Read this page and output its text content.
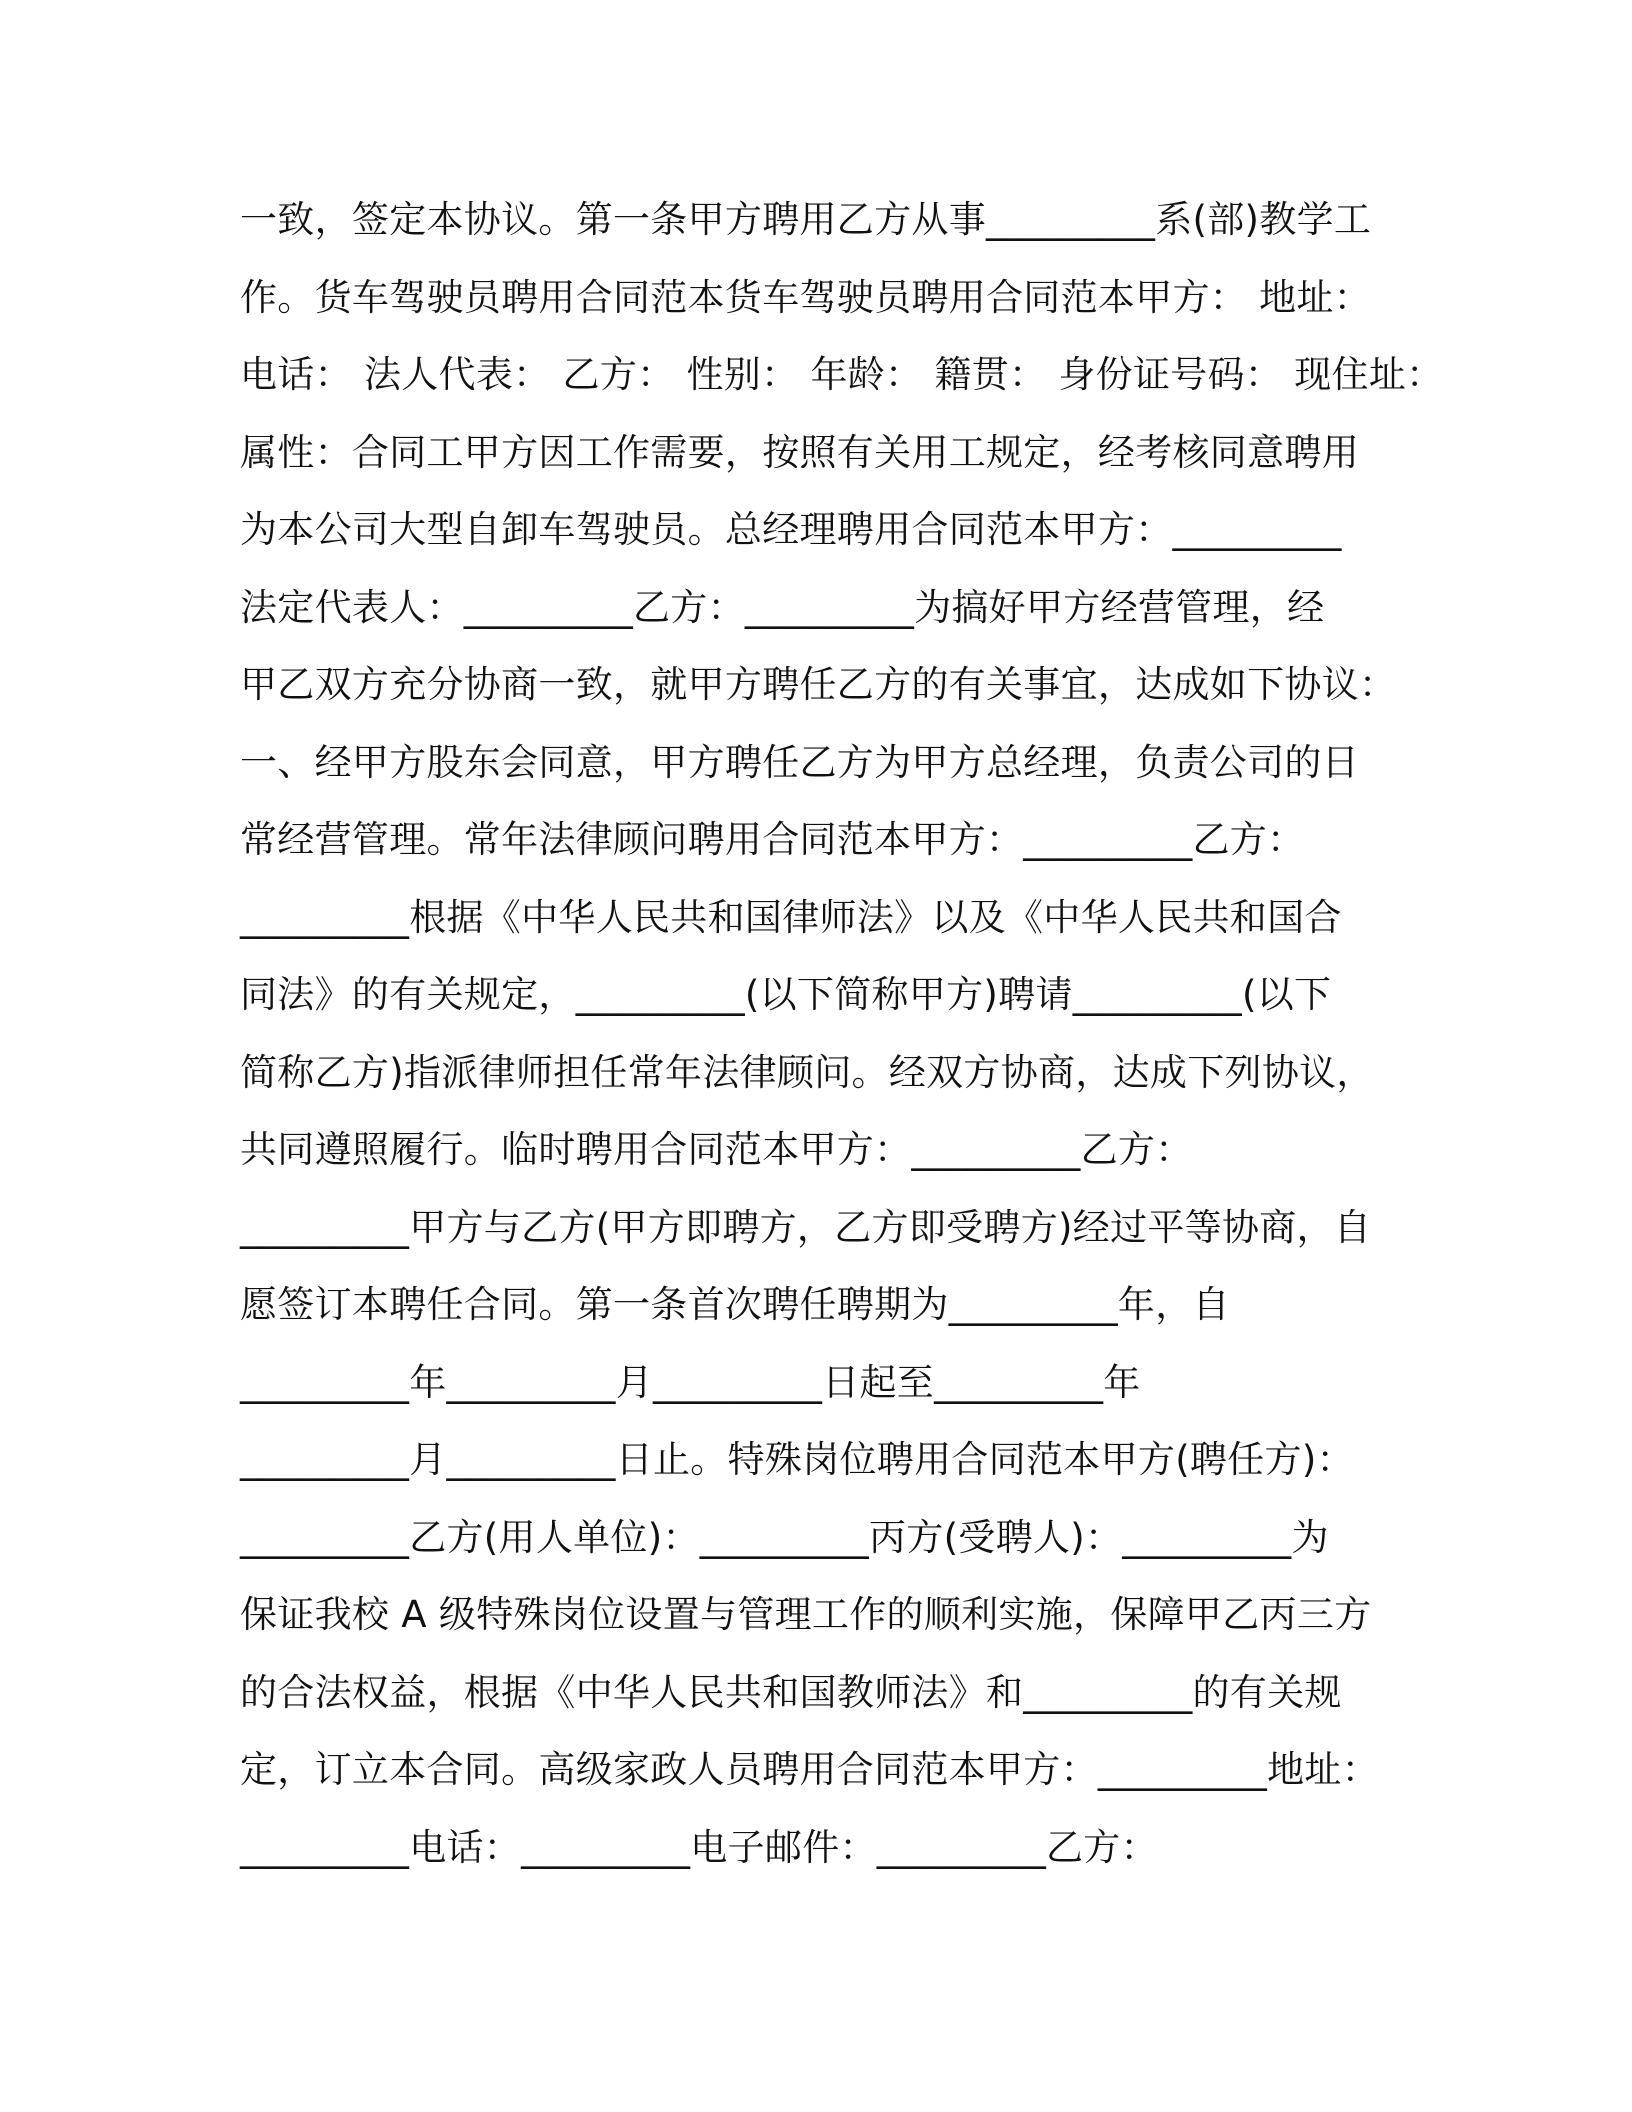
一致，签定本协议。第一条甲方聘用乙方从事_________系(部)教学工
作。货车驾驶员聘用合同范本货车驾驶员聘用合同范本甲方： 地址：
电话： 法人代表： 乙方： 性别： 年龄： 籍贯： 身份证号码： 现住址：
属性：合同工甲方因工作需要，按照有关用工规定，经考核同意聘用
为本公司大型自卸车驾驶员。总经理聘用合同范本甲方：_________
法定代表人：_________乙方：_________为搞好甲方经营管理，经
甲乙双方充分协商一致，就甲方聘任乙方的有关事宜，达成如下协议：
一、经甲方股东会同意，甲方聘任乙方为甲方总经理，负责公司的日
常经营管理。常年法律顾问聘用合同范本甲方：_________乙方：
_________根据《中华人民共和国律师法》以及《中华人民共和国合
同法》的有关规定，_________(以下简称甲方)聘请_________(以下
简称乙方)指派律师担任常年法律顾问。经双方协商，达成下列协议，
共同遵照履行。临时聘用合同范本甲方：_________乙方：
_________甲方与乙方(甲方即聘方，乙方即受聘方)经过平等协商，自
愿签订本聘任合同。第一条首次聘任聘期为_________年，自
_________年_________月_________日起至_________年
_________月_________日止。特殊岗位聘用合同范本甲方(聘任方)：
_________乙方(用人单位)：_________丙方(受聘人)：_________为
保证我校 A 级特殊岗位设置与管理工作的顺利实施，保障甲乙丙三方
的合法权益，根据《中华人民共和国教师法》和_________的有关规
定，订立本合同。高级家政人员聘用合同范本甲方：_________地址：
_________电话：_________电子邮件：_________乙方：
